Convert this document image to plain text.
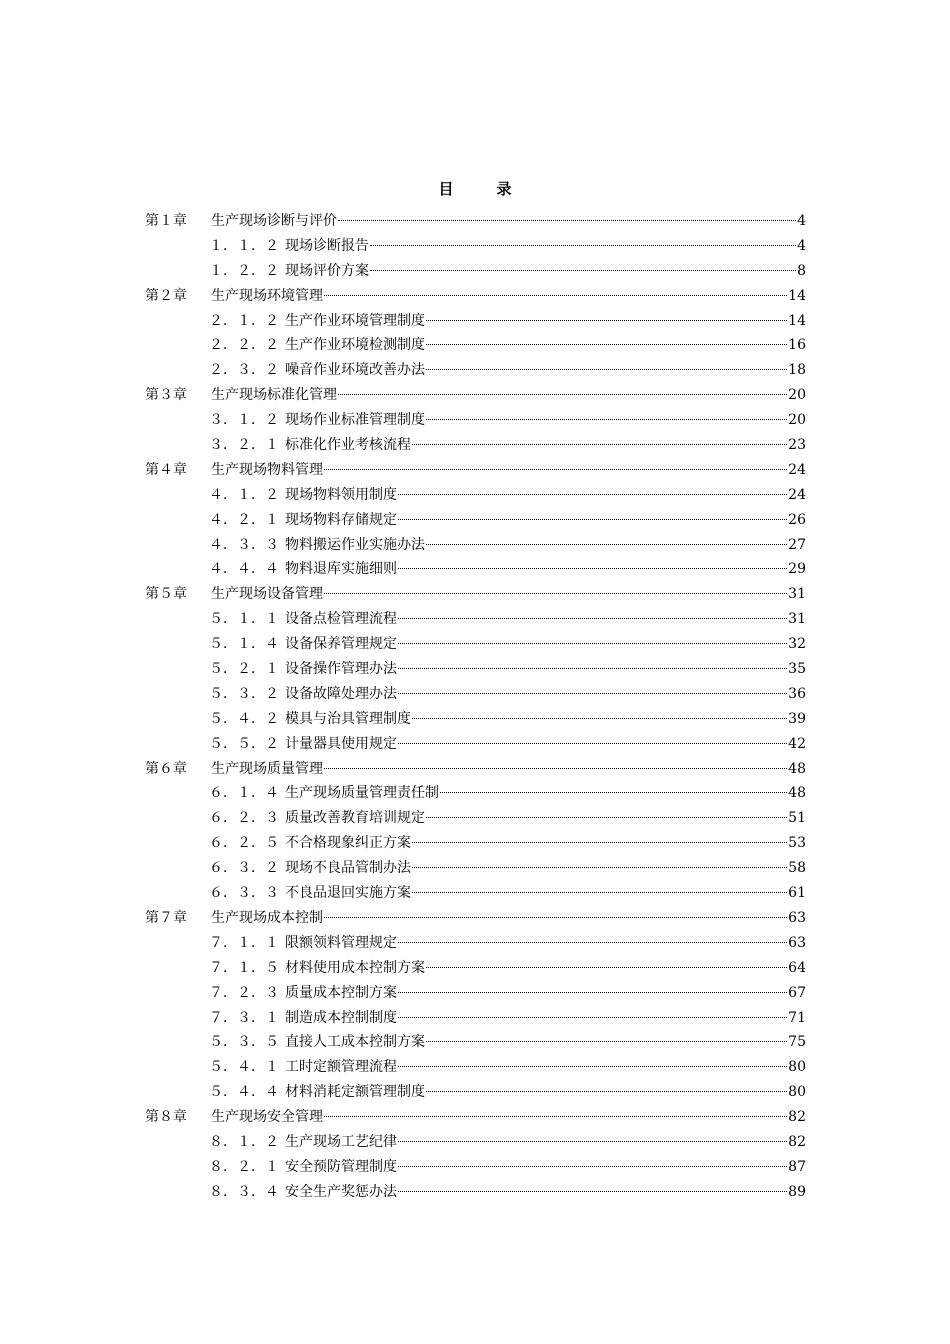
目　录
第１章	生产现场诊断与评价	4
１．１．２ 现场诊断报告	4
１．２．２ 现场评价方案	8
第２章	生产现场环境管理	14
２．１．２ 生产作业环境管理制度	14
２．２．２ 生产作业环境检测制度	16
２．３．２ 噪音作业环境改善办法	18
第３章	生产现场标准化管理	20
３．１．２ 现场作业标准管理制度	20
３．２．１ 标准化作业考核流程	23
第４章	生产现场物料管理	24
４．１．２ 现场物料领用制度	24
４．２．１ 现场物料存储规定	26
４．３．３ 物料搬运作业实施办法	27
４．４．４ 物料退库实施细则	29
第５章	生产现场设备管理	31
５．１．１ 设备点检管理流程	31
５．１．４ 设备保养管理规定	32
５．２．１ 设备操作管理办法	35
５．３．２ 设备故障处理办法	36
５．４．２ 模具与治具管理制度	39
５．５．２ 计量器具使用规定	42
第６章	生产现场质量管理	48
６．１．４ 生产现场质量管理责任制	48
６．２．３ 质量改善教育培训规定	51
６．２．５ 不合格现象纠正方案	53
６．３．２ 现场不良品管制办法	58
６．３．３ 不良品退回实施方案	61
第７章	生产现场成本控制	63
７．１．１ 限额领料管理规定	63
７．１．５ 材料使用成本控制方案	64
７．２．３ 质量成本控制方案	67
７．３．１ 制造成本控制制度	71
５．３．５ 直接人工成本控制方案	75
５．４．１ 工时定额管理流程	80
５．４．４ 材料消耗定额管理制度	80
第８章	生产现场安全管理	82
８．１．２ 生产现场工艺纪律	82
８．２．１ 安全预防管理制度	87
８．３．４ 安全生产奖惩办法	89
